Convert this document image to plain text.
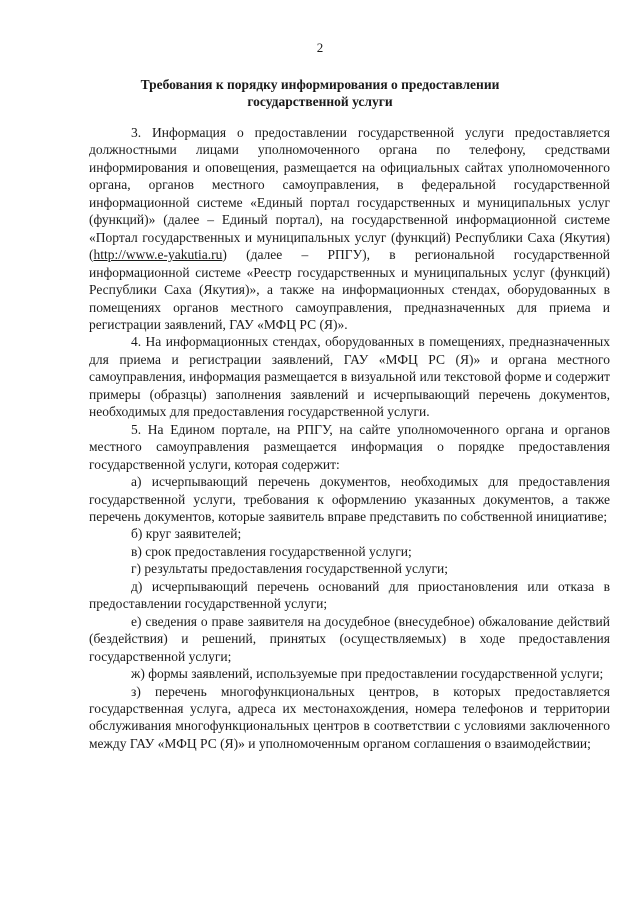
2
Требования к порядку информирования о предоставлении
государственной услуги

3. Информация о предоставлении государственной услуги предоставляется должностными лицами уполномоченного органа по телефону, средствами информирования и оповещения, размещается на официальных сайтах уполномоченного органа, органов местного самоуправления, в федеральной государственной информационной системе «Единый портал государственных и муниципальных услуг (функций)» (далее – Единый портал), на государственной информационной системе «Портал государственных и муниципальных услуг (функций) Республики Саха (Якутия) (http://www.e-yakutia.ru) (далее – РПГУ), в региональной государственной информационной системе «Реестр государственных и муниципальных услуг (функций) Республики Саха (Якутия)», а также на информационных стендах, оборудованных в помещениях органов местного самоуправления, предназначенных для приема и регистрации заявлений, ГАУ «МФЦ РС (Я)».

4. На информационных стендах, оборудованных в помещениях, предназначенных для приема и регистрации заявлений, ГАУ «МФЦ РС (Я)» и органа местного самоуправления, информация размещается в визуальной или текстовой форме и содержит примеры (образцы) заполнения заявлений и исчерпывающий перечень документов, необходимых для предоставления государственной услуги.

5. На Едином портале, на РПГУ, на сайте уполномоченного органа и органов местного самоуправления размещается информация о порядке предоставления государственной услуги, которая содержит:

а) исчерпывающий перечень документов, необходимых для предоставления государственной услуги, требования к оформлению указанных документов, а также перечень документов, которые заявитель вправе представить по собственной инициативе;

б) круг заявителей;

в) срок предоставления государственной услуги;

г) результаты предоставления государственной услуги;

д) исчерпывающий перечень оснований для приостановления или отказа в предоставлении государственной услуги;

е) сведения о праве заявителя на досудебное (внесудебное) обжалование действий (бездействия) и решений, принятых (осуществляемых) в ходе предоставления государственной услуги;

ж) формы заявлений, используемые при предоставлении государственной услуги;

з) перечень многофункциональных центров, в которых предоставляется государственная услуга, адреса их местонахождения, номера телефонов и территории обслуживания многофункциональных центров в соответствии с условиями заключенного между ГАУ «МФЦ РС (Я)» и уполномоченным органом соглашения о взаимодействии;
